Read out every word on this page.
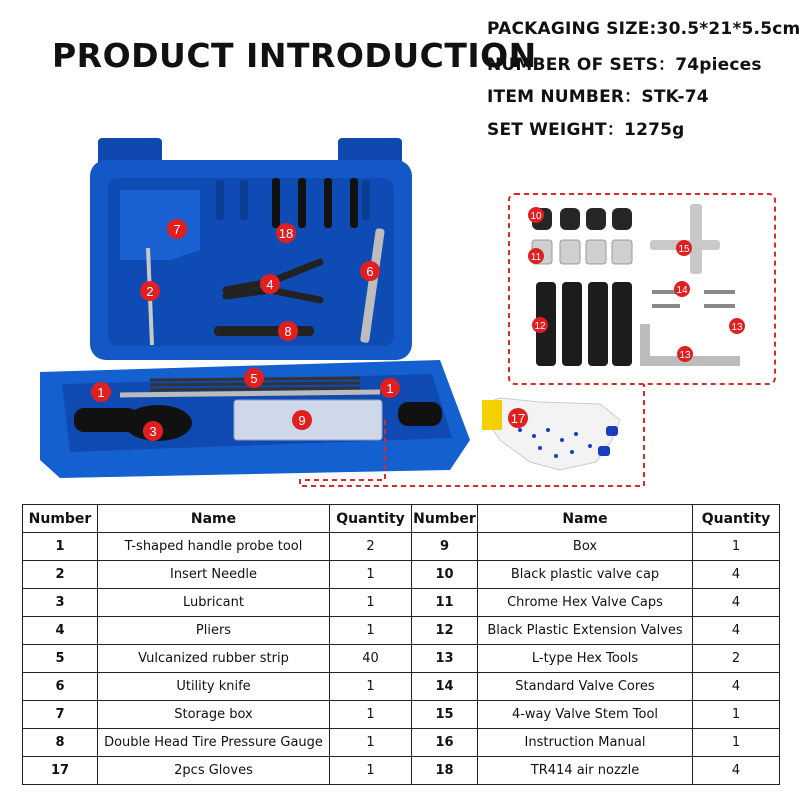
PRODUCT INTRODUCTION
PACKAGING SIZE:30.5*21*5.5cm
NUMBER OF SETS：74pieces
ITEM NUMBER：STK-74
SET WEIGHT：1275g
7	18
2
6
4
8
5
1	1
3
9
10
11
15
14
12	13
13
17
Number	Name	Quantity	Number	Name	Quantity
1	T-shaped handle probe tool	2	9	Box	1
2	Insert Needle	1	10	Black plastic valve cap	4
3	Lubricant	1	11	Chrome Hex Valve Caps	4
4	Pliers	1	12	Black Plastic Extension Valves	4
5	Vulcanized rubber strip	40	13	L-type Hex Tools	2
6	Utility knife	1	14	Standard Valve Cores	4
7	Storage box	1	15	4-way Valve Stem Tool	1
8	Double Head Tire Pressure Gauge	1	16	Instruction Manual	1
17	2pcs Gloves	1	18	TR414 air nozzle	4
